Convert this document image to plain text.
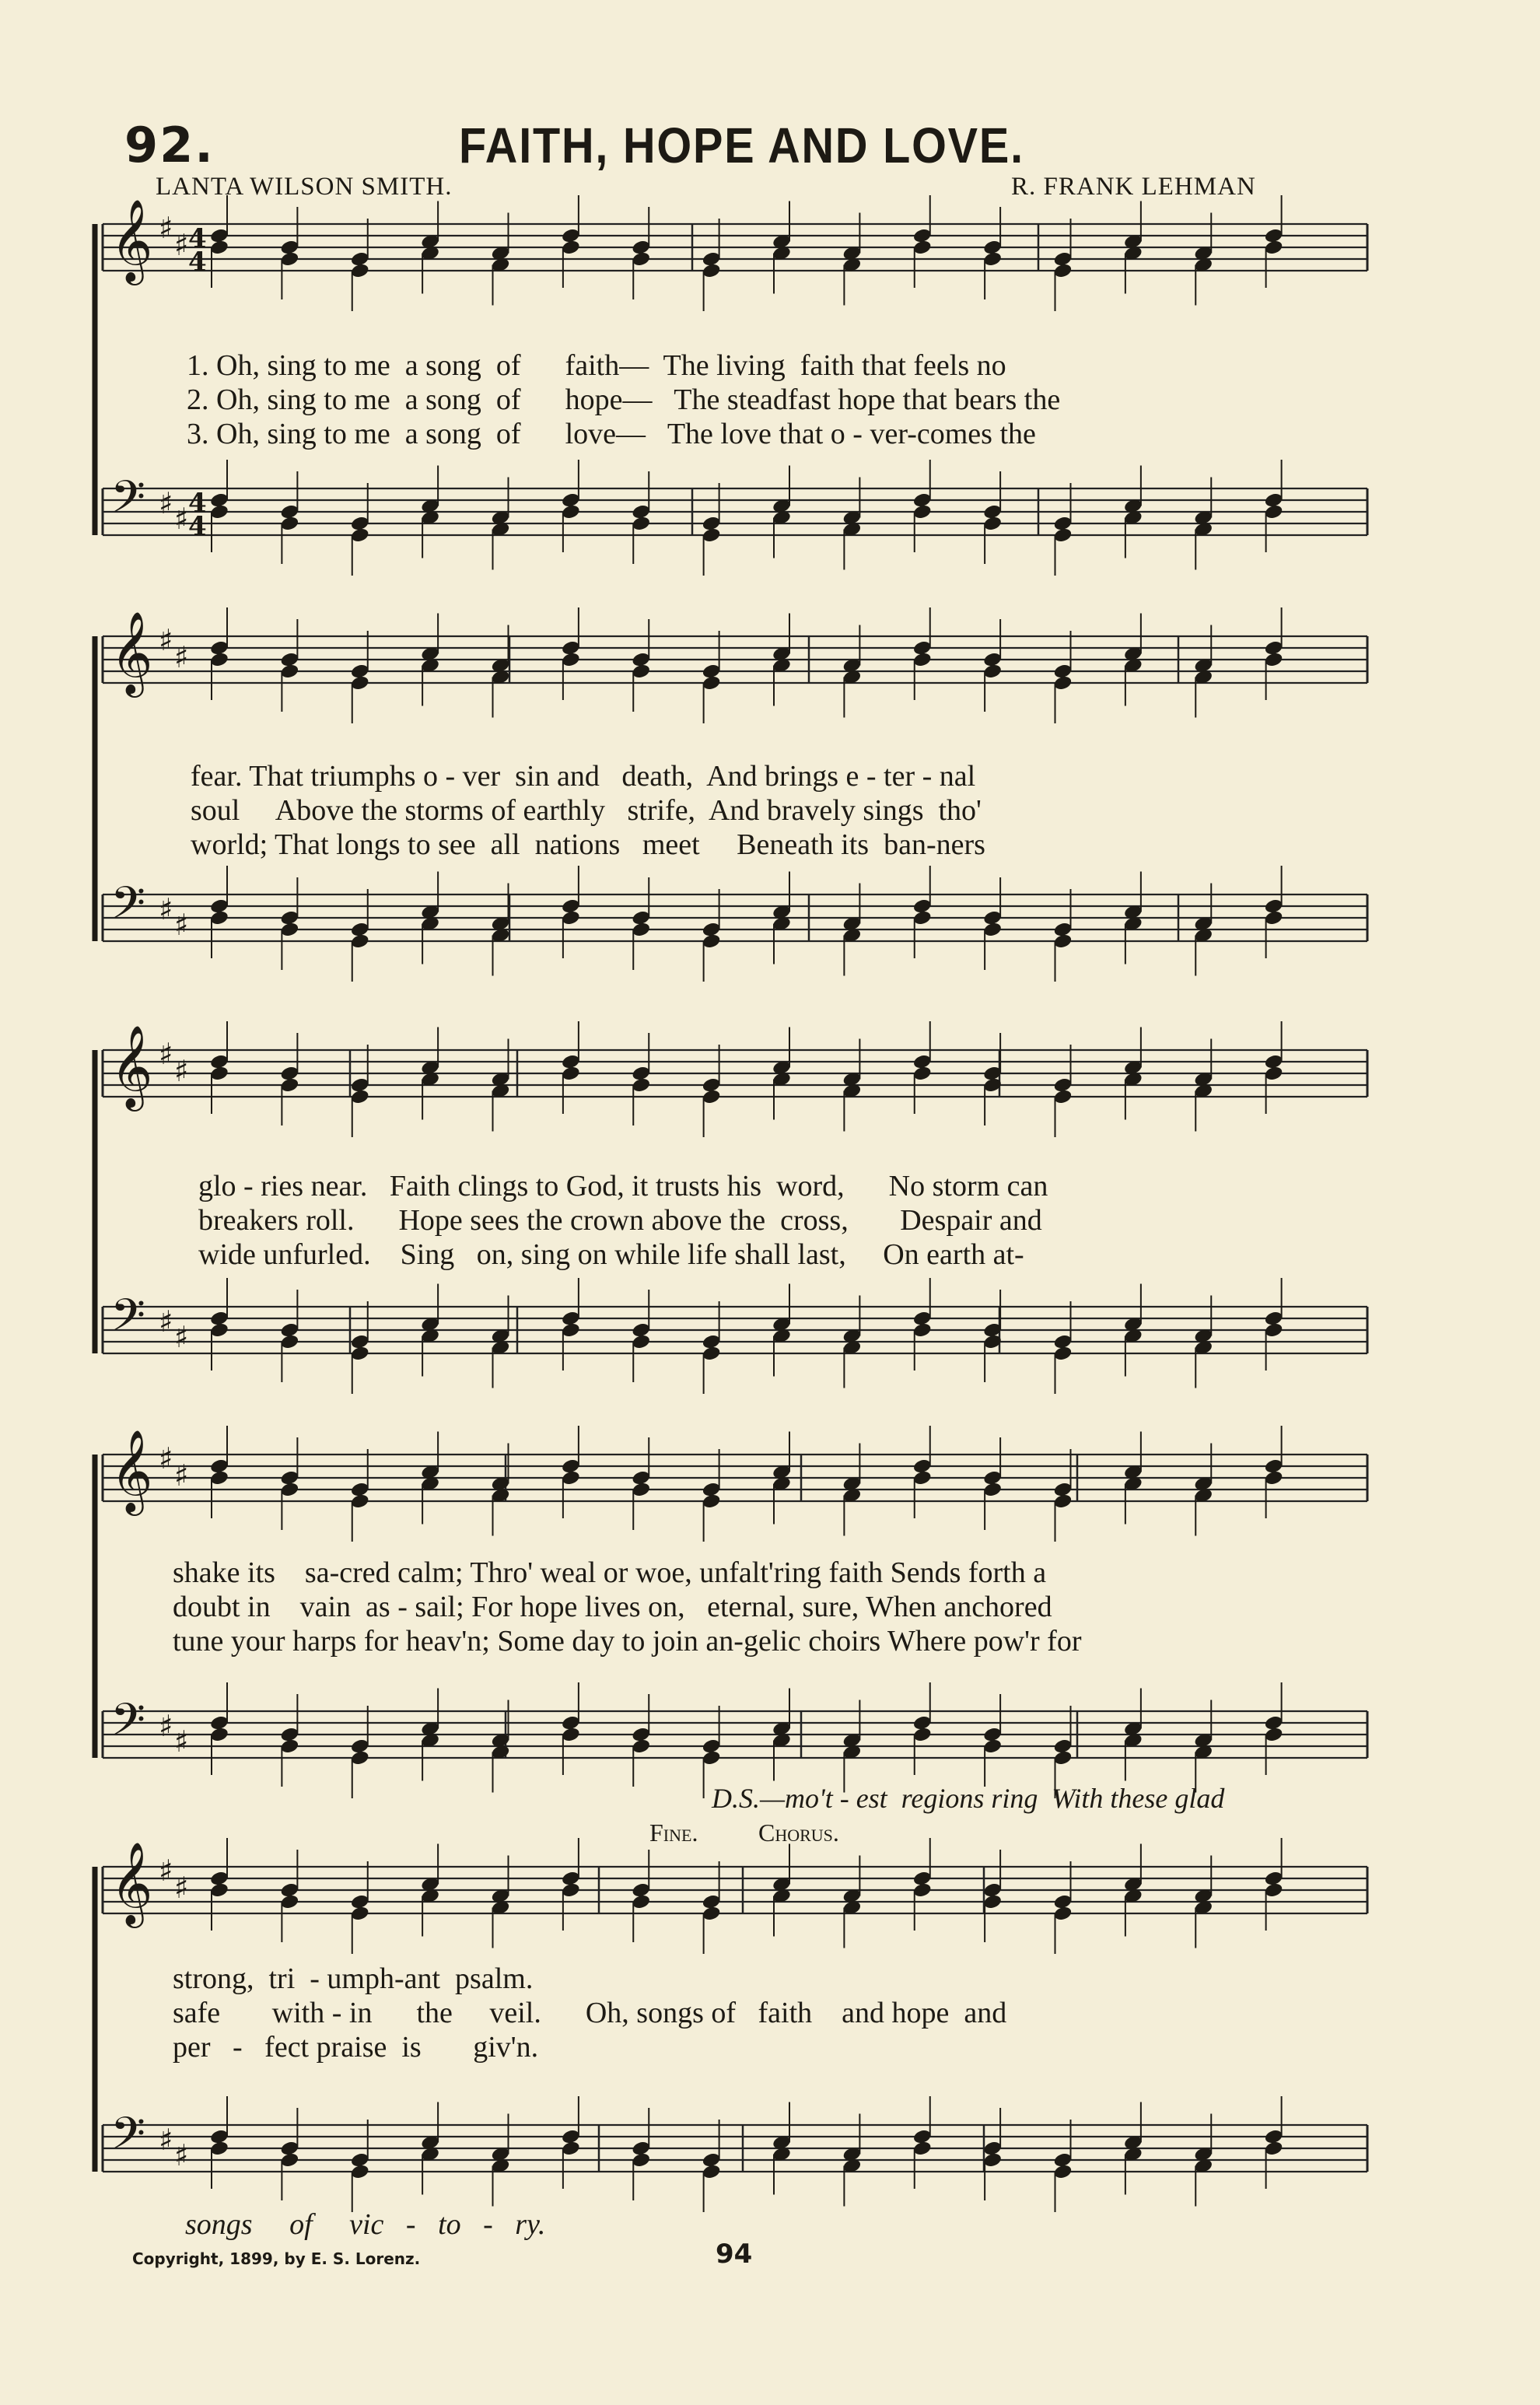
92.	FAITH, HOPE AND LOVE.
LANTA WILSON SMITH.	R. FRANK LEHMAN
𝄞 ♯ ♯
𝄢 ♯ ♯
𝄞 ♯ ♯
𝄢 ♯ ♯
𝄞 ♯ ♯
𝄢 ♯ ♯
𝄞 ♯ ♯
𝄢 ♯ ♯
𝄞 ♯ ♯
𝄢 ♯ ♯
4
4
4
4
1. Oh, sing to me  a song  of      faith—  The living  faith that feels no
2. Oh, sing to me  a song  of      hope—   The steadfast hope that bears the
3. Oh, sing to me  a song  of      love—   The love that o - ver-comes the
fear. That triumphs o - ver  sin and   death,  And brings e - ter - nal
soul     Above the storms of earthly   strife,  And bravely sings  tho'
world; That longs to see  all  nations   meet     Beneath its  ban-ners
glo - ries near.   Faith clings to God, it trusts his  word,      No storm can
breakers roll.      Hope sees the crown above the  cross,       Despair and
wide unfurled.    Sing   on, sing on while life shall last,     On earth at-
shake its    sa-cred calm; Thro' weal or woe, unfalt'ring faith Sends forth a
doubt in    vain  as - sail; For hope lives on,   eternal, sure, When anchored
tune your harps for heav'n; Some day to join an-gelic choirs Where pow'r for
D.S.—mo't - est  regions ring  With these glad
Fine. Chorus.
strong,  tri  - umph-ant  psalm.
safe       with - in      the     veil.      Oh, songs of   faith    and hope  and
per   -   fect praise  is       giv'n.
songs     of     vic   -   to   -   ry.
Copyright, 1899, by E. S. Lorenz.	94
